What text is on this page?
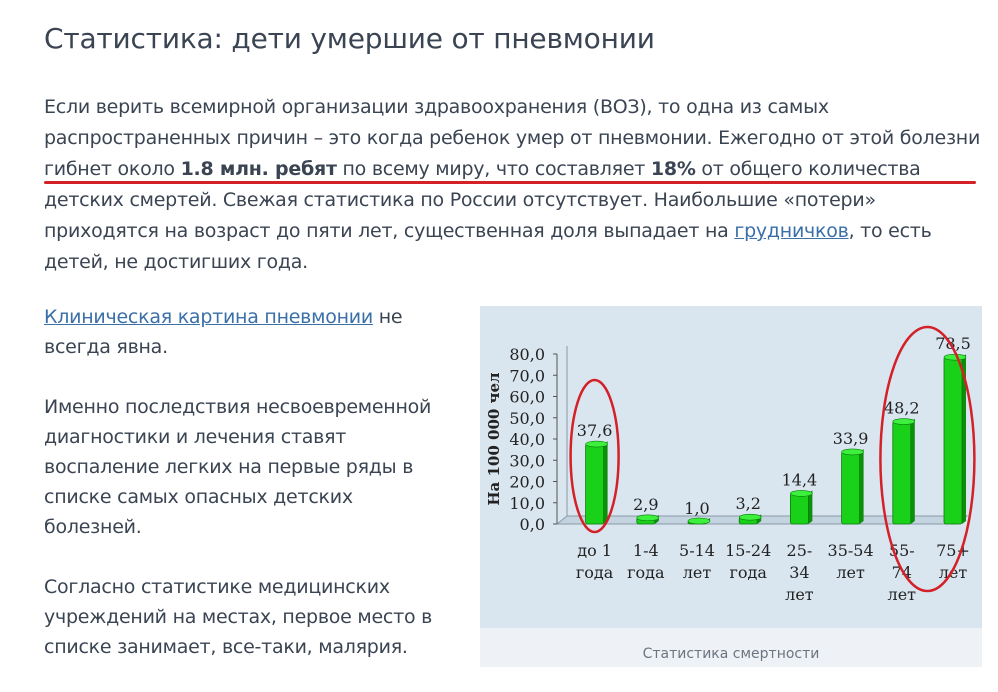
Статистика: дети умершие от пневмонии

Если верить всемирной организации здравоохранения (ВОЗ), то одна из самых распространенных причин – это когда ребенок умер от пневмонии. Ежегодно от этой болезни гибнет около 1.8 млн. ребят по всему миру, что составляет 18% от общего количества детских смертей. Свежая статистика по России отсутствует. Наибольшие «потери» приходятся на возраст до пяти лет, существенная доля выпадает на грудничков, то есть детей, не достигших года.

Клиническая картина пневмонии не всегда явна.

Именно последствия несвоевременной диагностики и лечения ставят воспаление легких на первые ряды в списке самых опасных детских болезней.

Согласно статистике медицинских учреждений на местах, первое место в списке занимает, все-таки, малярия.

0,0
10,0
20,0
30,0
40,0
50,0
60,0
70,0
80,0
На 100 000 чел	37,6
2,9 1,0 3,2
14,4
33,9
48,2
78,5
до 1
года
1-4
года
5-14
лет
15-24
года
25-
34
лет
35-54
лет
55-
74
лет
75+
лет
Статистика смертности
